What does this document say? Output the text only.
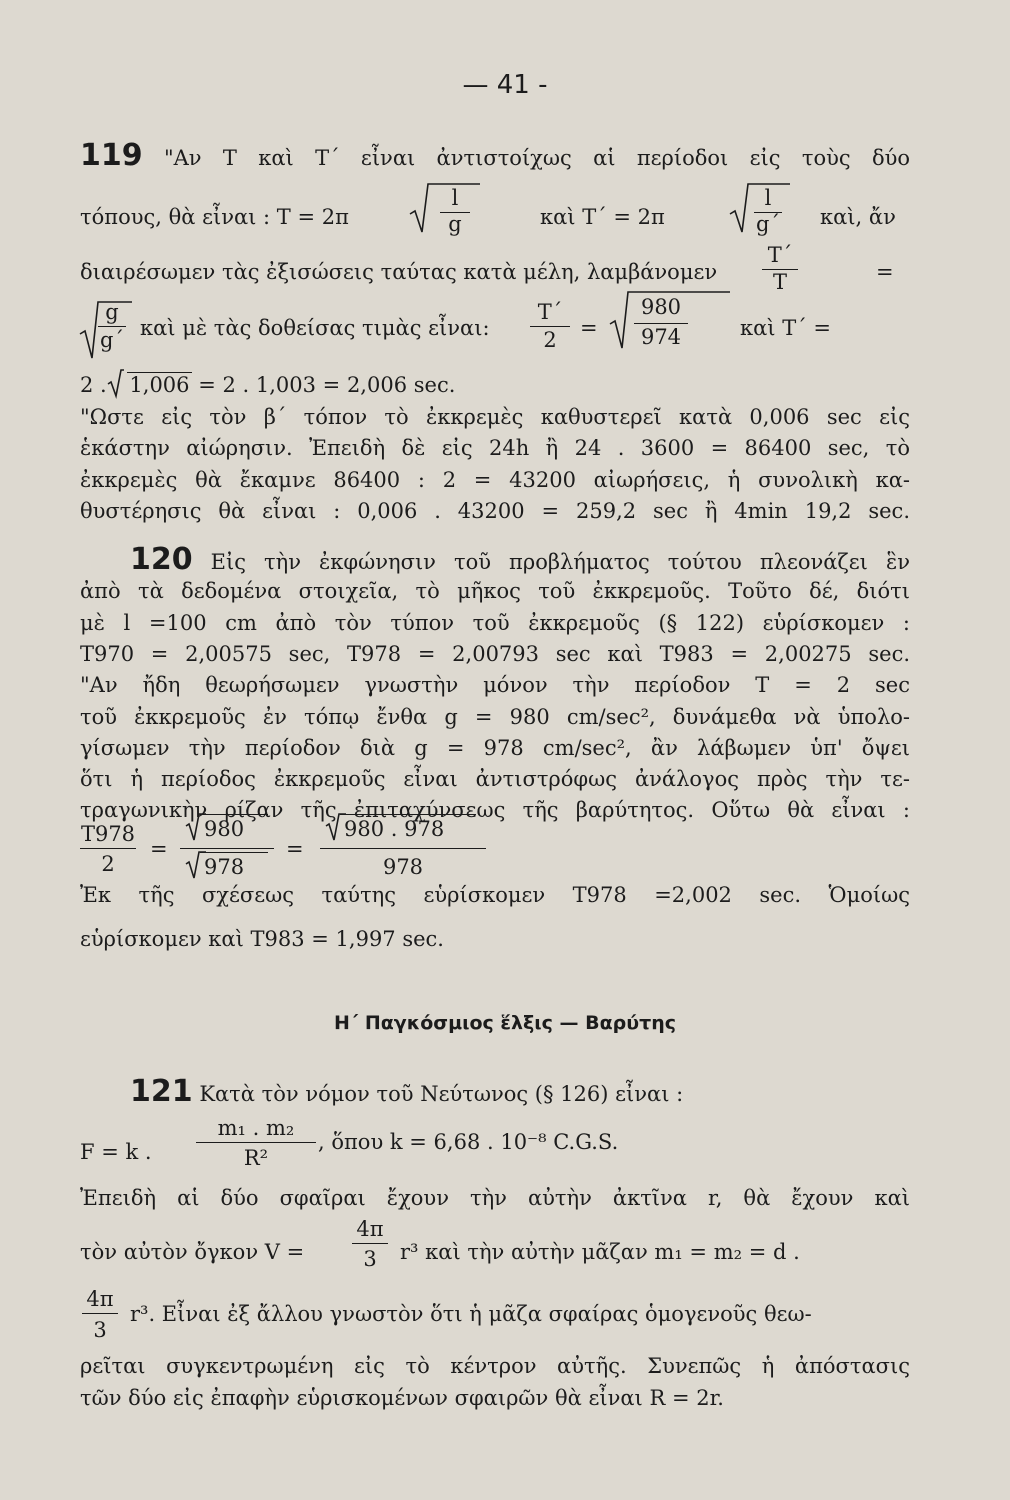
— 41 -
119 "Αν Τ καὶ Τ΄ εἶναι ἀντιστοίχως αἱ περίοδοι εἰς τοὺς δύο
τόπους, θὰ εἶναι : Τ = 2π
l
g	καὶ Τ΄ = 2π
l
g΄ καὶ, ἄν
διαιρέσωμεν τὰς ἐξισώσεις ταύτας κατὰ μέλη, λαμβάνομεν
Τ΄
Τ	=
g
g΄ καὶ μὲ τὰς δοθείσας τιμὰς εἶναι:
Τ΄
2	=
980
974	καὶ Τ΄ =
2 . 1,006 = 2 . 1,003 = 2,006 sec.
"Ωστε εἰς τὸν β΄ τόπον τὸ ἐκκρεμὲς καθυστερεῖ κατὰ 0,006 sec εἰς
ἑκάστην αἰώρησιν. Ἐπειδὴ δὲ εἰς 24h ἢ 24 . 3600 = 86400 sec, τὸ
ἐκκρεμὲς θὰ ἔκαμνε 86400 : 2 = 43200 αἰωρήσεις, ἡ συνολικὴ κα-
θυστέρησις θὰ εἶναι : 0,006 . 43200 = 259,2 sec ἢ 4min 19,2 sec.
120 Εἰς τὴν ἐκφώνησιν τοῦ προβλήματος τούτου πλεονάζει ἓν
ἀπὸ τὰ δεδομένα στοιχεῖα, τὸ μῆκος τοῦ ἐκκρεμοῦς. Τοῦτο δέ, διότι
μὲ l =100 cm ἀπὸ τὸν τύπον τοῦ ἐκκρεμοῦς (§ 122) εὑρίσκομεν :
Τ970 = 2,00575 sec, Τ978 = 2,00793 sec καὶ Τ983 = 2,00275 sec.
"Αν ἤδη θεωρήσωμεν γνωστὴν μόνον τὴν περίοδον Τ = 2 sec
τοῦ ἐκκρεμοῦς ἐν τόπῳ ἔνθα g = 980 cm/sec², δυνάμεθα νὰ ὑπολο-
γίσωμεν τὴν περίοδον διὰ g = 978 cm/sec², ἂν λάβωμεν ὑπ' ὄψει
ὅτι ἡ περίοδος ἐκκρεμοῦς εἶναι ἀντιστρόφως ἀνάλογος πρὸς τὴν τε-
τραγωνικὴν ρίζαν τῆς ἐπιταχύνσεως τῆς βαρύτητος. Οὕτω θὰ εἶναι :
Τ978
2
=
980
978
=
980 . 978
978
Ἐκ τῆς σχέσεως ταύτης εὑρίσκομεν Τ978 =2,002 sec. Ὁμοίως
εὑρίσκομεν καὶ Τ983 = 1,997 sec.
Η΄ Παγκόσμιος ἕλξις — Βαρύτης
121 Κατὰ τὸν νόμον τοῦ Νεύτωνος (§ 126) εἶναι :
F = k .
m₁ . m₂
R²
, ὅπου k = 6,68 . 10⁻⁸ C.G.S.
Ἐπειδὴ αἱ δύο σφαῖραι ἔχουν τὴν αὐτὴν ἀκτῖνα r, θὰ ἔχουν καὶ
τὸν αὐτὸν ὄγκον V =
4π
3	r³ καὶ τὴν αὐτὴν μᾶζαν m₁ = m₂ = d .
4π
3
r³. Εἶναι ἐξ ἄλλου γνωστὸν ὅτι ἡ μᾶζα σφαίρας ὁμογενοῦς θεω-
ρεῖται συγκεντρωμένη εἰς τὸ κέντρον αὐτῆς. Συνεπῶς ἡ ἀπόστασις
τῶν δύο εἰς ἐπαφὴν εὑρισκομένων σφαιρῶν θὰ εἶναι R = 2r.
